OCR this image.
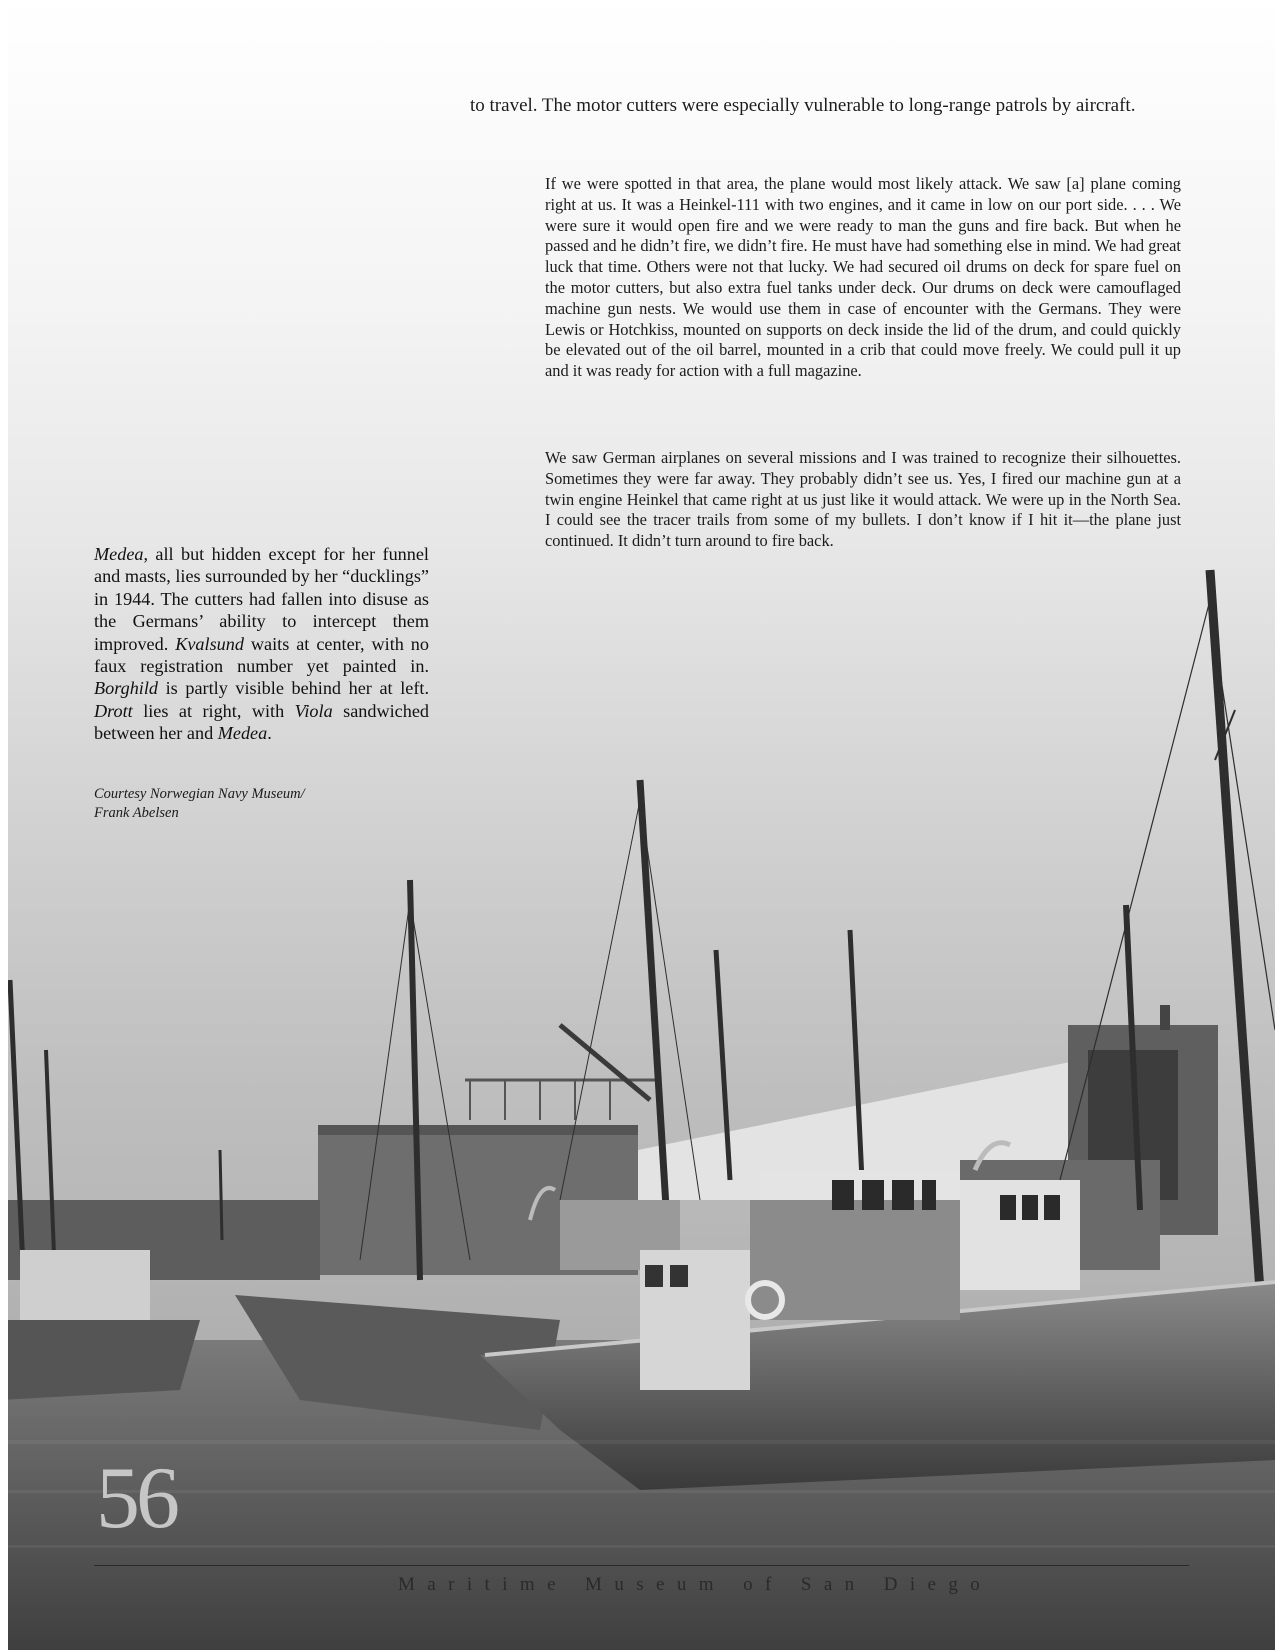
to travel. The motor cutters were especially vulnerable to long-range patrols by aircraft.

If we were spotted in that area, the plane would most likely attack. We saw [a] plane coming right at us. It was a Heinkel-111 with two engines, and it came in low on our port side. . . . We were sure it would open fire and we were ready to man the guns and fire back. But when he passed and he didn’t fire, we didn’t fire. He must have had something else in mind. We had great luck that time. Others were not that lucky. We had secured oil drums on deck for spare fuel on the motor cutters, but also extra fuel tanks under deck. Our drums on deck were camouflaged machine gun nests. We would use them in case of encounter with the Germans. They were Lewis or Hotchkiss, mounted on supports on deck inside the lid of the drum, and could quickly be elevated out of the oil barrel, mounted in a crib that could move freely. We could pull it up and it was ready for action with a full magazine.

We saw German airplanes on several missions and I was trained to recognize their silhouettes. Sometimes they were far away. They probably didn’t see us. Yes, I fired our machine gun at a twin engine Heinkel that came right at us just like it would attack. We were up in the North Sea. I could see the tracer trails from some of my bullets. I don’t know if I hit it—the plane just continued. It didn’t turn around to fire back.

Medea, all but hidden except for her funnel and masts, lies surrounded by her “ducklings” in 1944. The cutters had fallen into disuse as the Germans’ ability to intercept them improved. Kvalsund waits at center, with no faux registration number yet painted in. Borghild is partly visible behind her at left. Drott lies at right, with Viola sandwiched between her and Medea.

Courtesy Norwegian Navy Museum/
Frank Abelsen

56
Maritime Museum of San Diego
